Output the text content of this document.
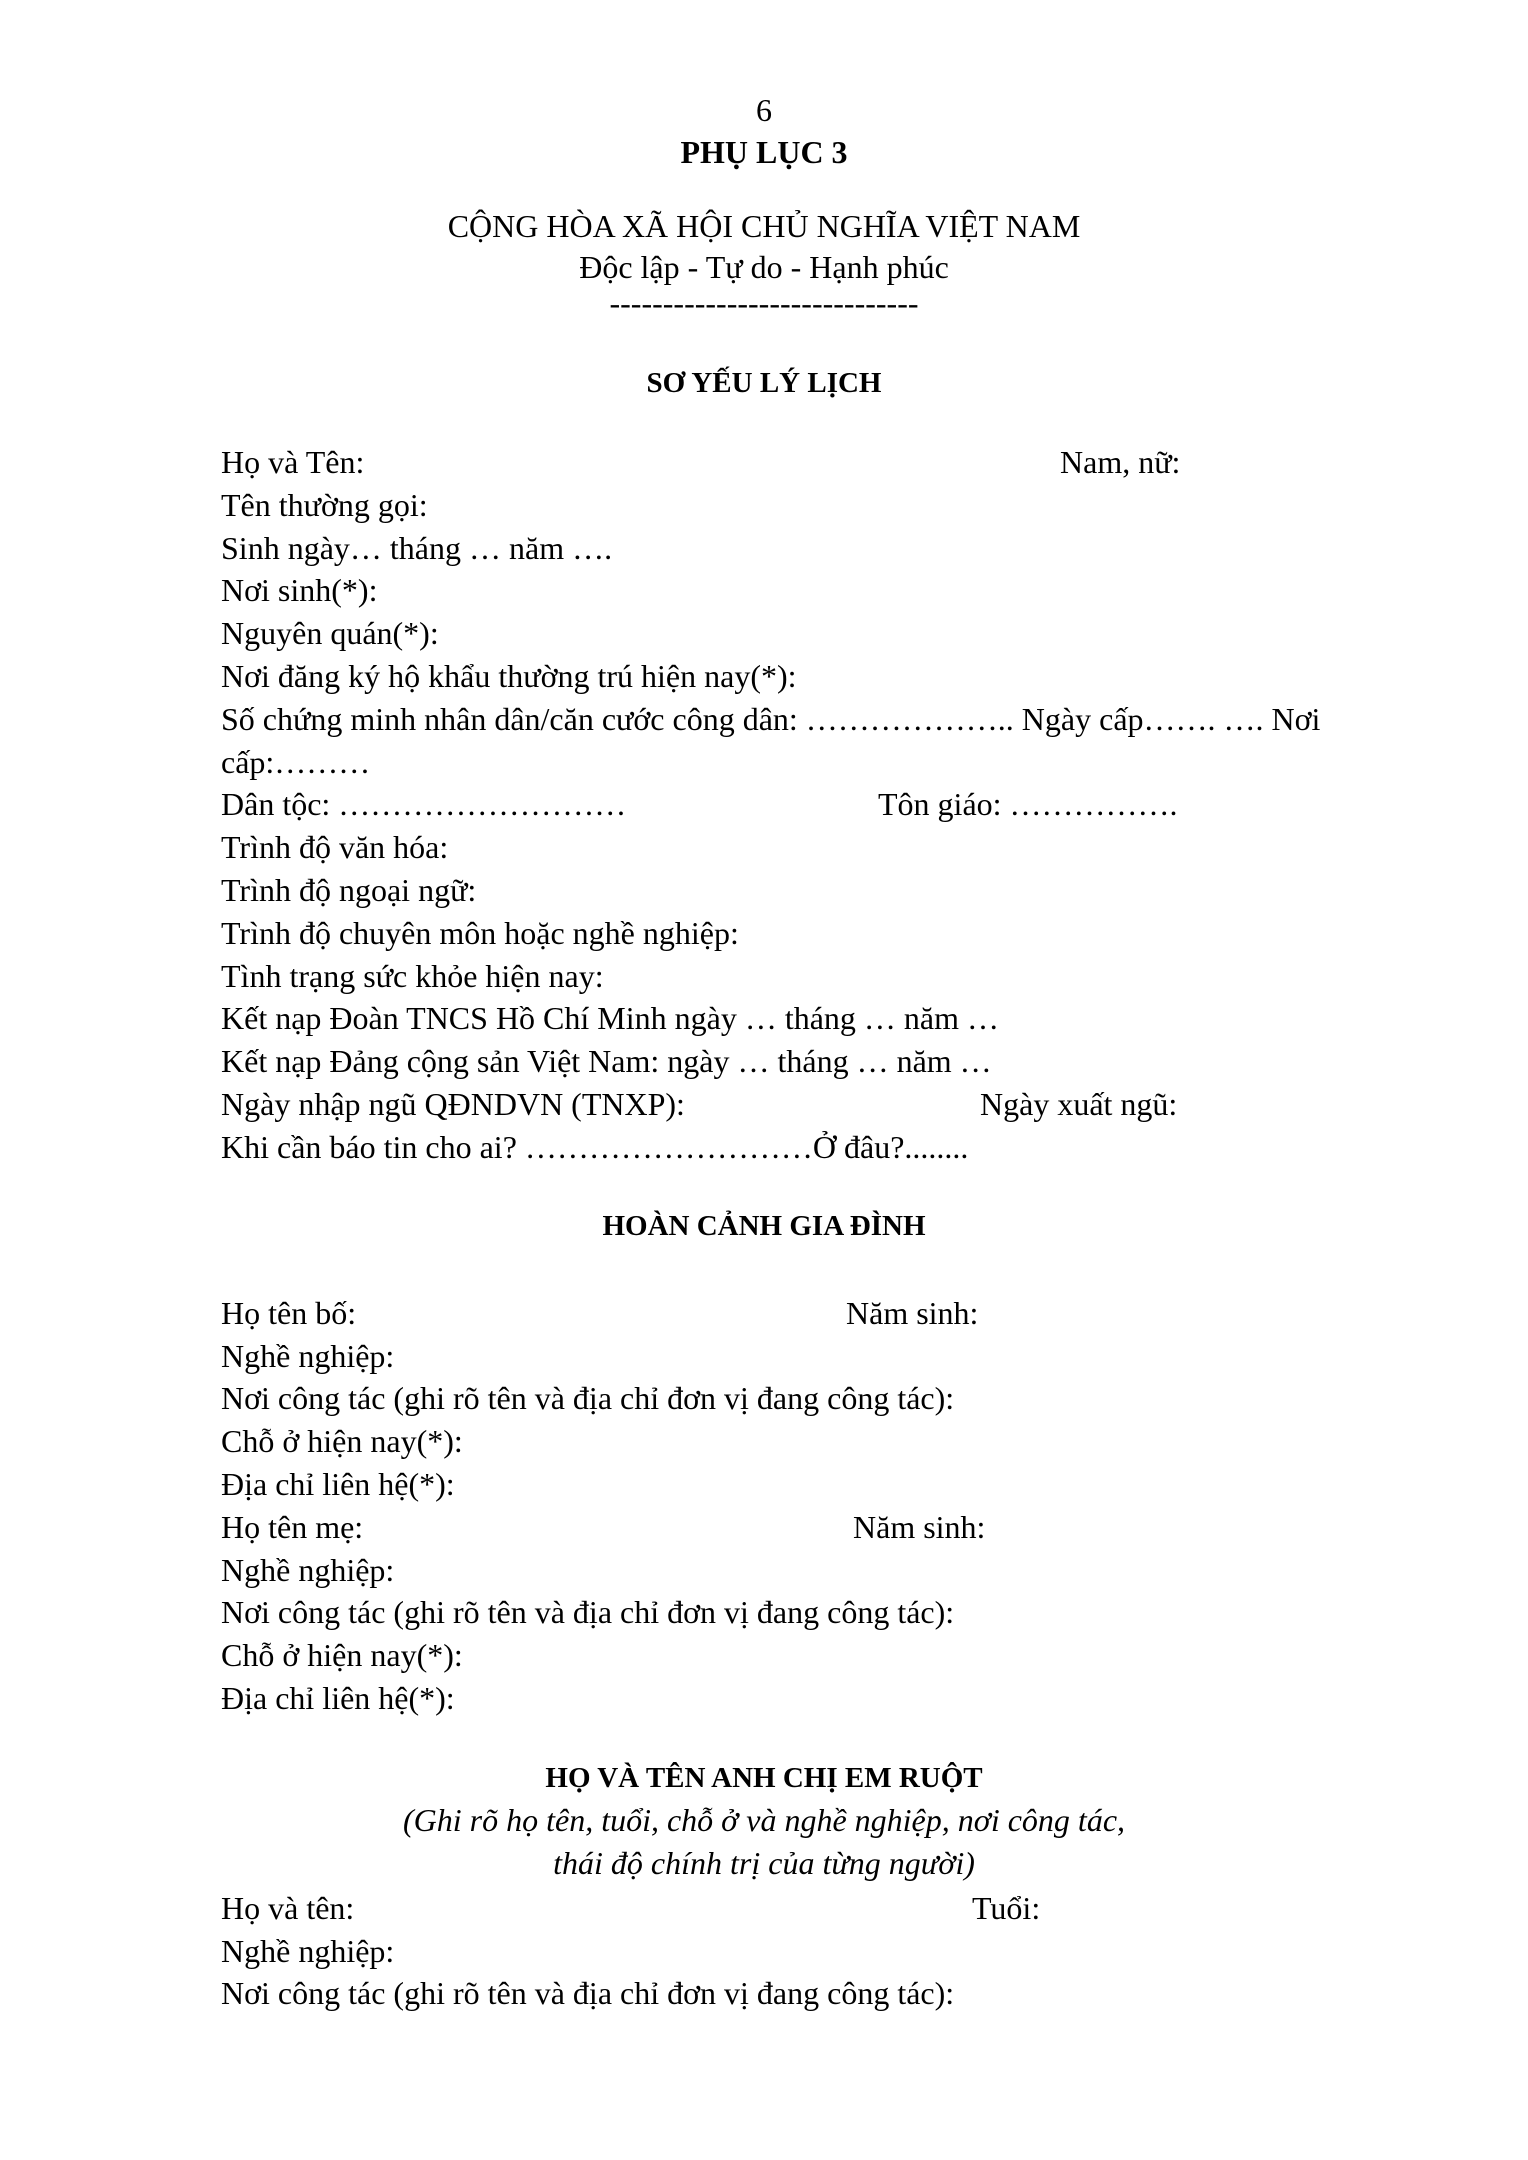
6
PHỤ LỤC 3
CỘNG HÒA XÃ HỘI CHỦ NGHĨA VIỆT NAM
Độc lập - Tự do - Hạnh phúc
-----------------------------
SƠ YẾU LÝ LỊCH
Họ và Tên:	Nam, nữ:
Tên thường gọi:
Sinh ngày… tháng … năm ….
Nơi sinh(*):
Nguyên quán(*):
Nơi đăng ký hộ khẩu thường trú hiện nay(*):
Số chứng minh nhân dân/căn cước công dân: ……………….. Ngày cấp……. …. Nơi
cấp:………
Dân tộc: ………………………	Tôn giáo: …………….
Trình độ văn hóa:
Trình độ ngoại ngữ:
Trình độ chuyên môn hoặc nghề nghiệp:
Tình trạng sức khỏe hiện nay:
Kết nạp Đoàn TNCS Hồ Chí Minh ngày … tháng … năm …
Kết nạp Đảng cộng sản Việt Nam: ngày … tháng … năm …
Ngày nhập ngũ QĐNDVN (TNXP):	Ngày xuất ngũ:
Khi cần báo tin cho ai? ………………………Ở đâu?........
HOÀN CẢNH GIA ĐÌNH
Họ tên bố:	Năm sinh:
Nghề nghiệp:
Nơi công tác (ghi rõ tên và địa chỉ đơn vị đang công tác):
Chỗ ở hiện nay(*):
Địa chỉ liên hệ(*):
Họ tên mẹ:	Năm sinh:
Nghề nghiệp:
Nơi công tác (ghi rõ tên và địa chỉ đơn vị đang công tác):
Chỗ ở hiện nay(*):
Địa chỉ liên hệ(*):
HỌ VÀ TÊN ANH CHỊ EM RUỘT
(Ghi rõ họ tên, tuổi, chỗ ở và nghề nghiệp, nơi công tác,
thái độ chính trị của từng người)
Họ và tên:	Tuổi:
Nghề nghiệp:
Nơi công tác (ghi rõ tên và địa chỉ đơn vị đang công tác):
